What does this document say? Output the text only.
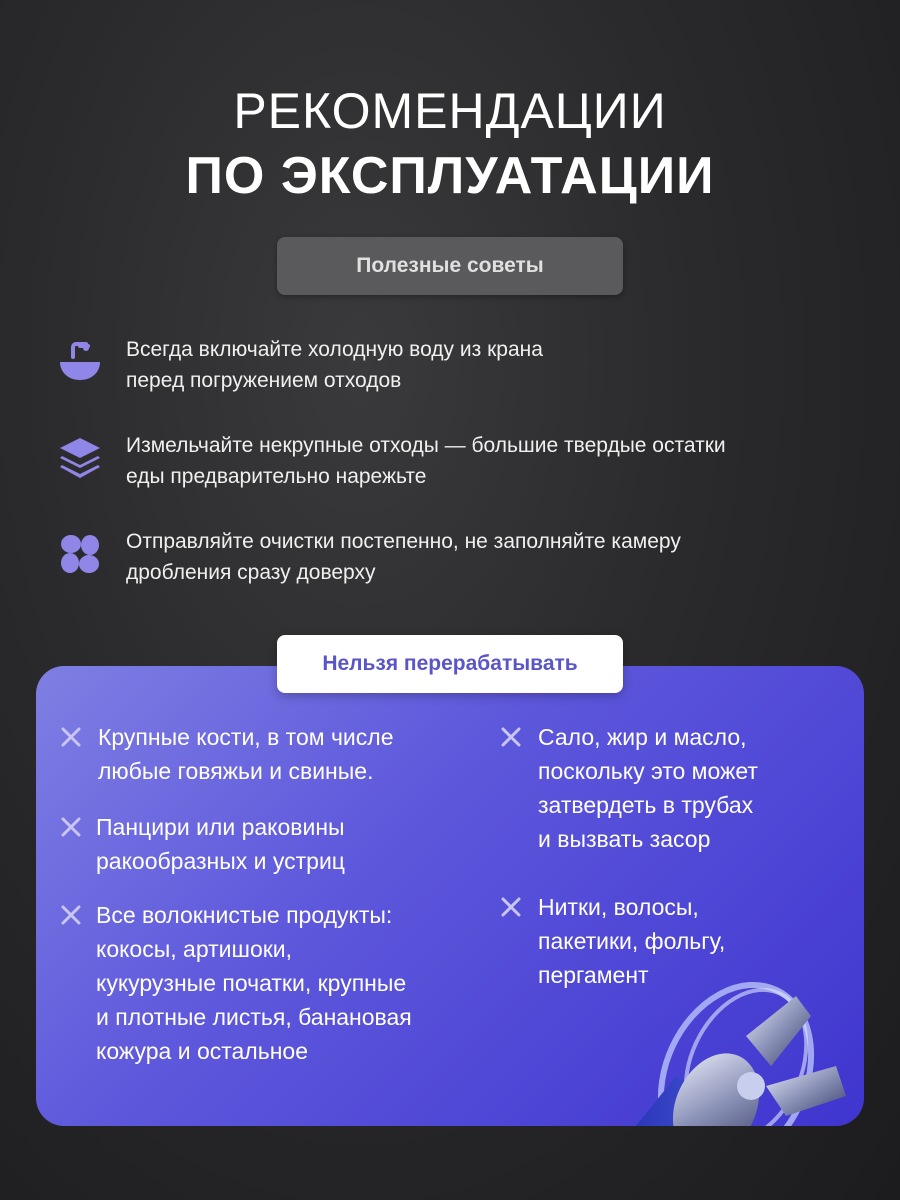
РЕКОМЕНДАЦИИ
ПО ЭКСПЛУАТАЦИИ
Полезные советы
Всегда включайте холодную воду из крана
перед погружением отходов
Измельчайте некрупные отходы — большие твердые остатки
еды предварительно нарежьте
Отправляйте очистки постепенно, не заполняйте камеру
дробления сразу доверху
Нельзя перерабатывать
Крупные кости, в том числе
любые говяжьи и свиные.
Панцири или раковины
ракообразных и устриц
Все волокнистые продукты:
кокосы, артишоки,
кукурузные початки, крупные
и плотные листья, банановая
кожура и остальное
Сало, жир и масло,
поскольку это может
затвердеть в трубах
и вызвать засор
Нитки, волосы,
пакетики, фольгу,
пергамент
